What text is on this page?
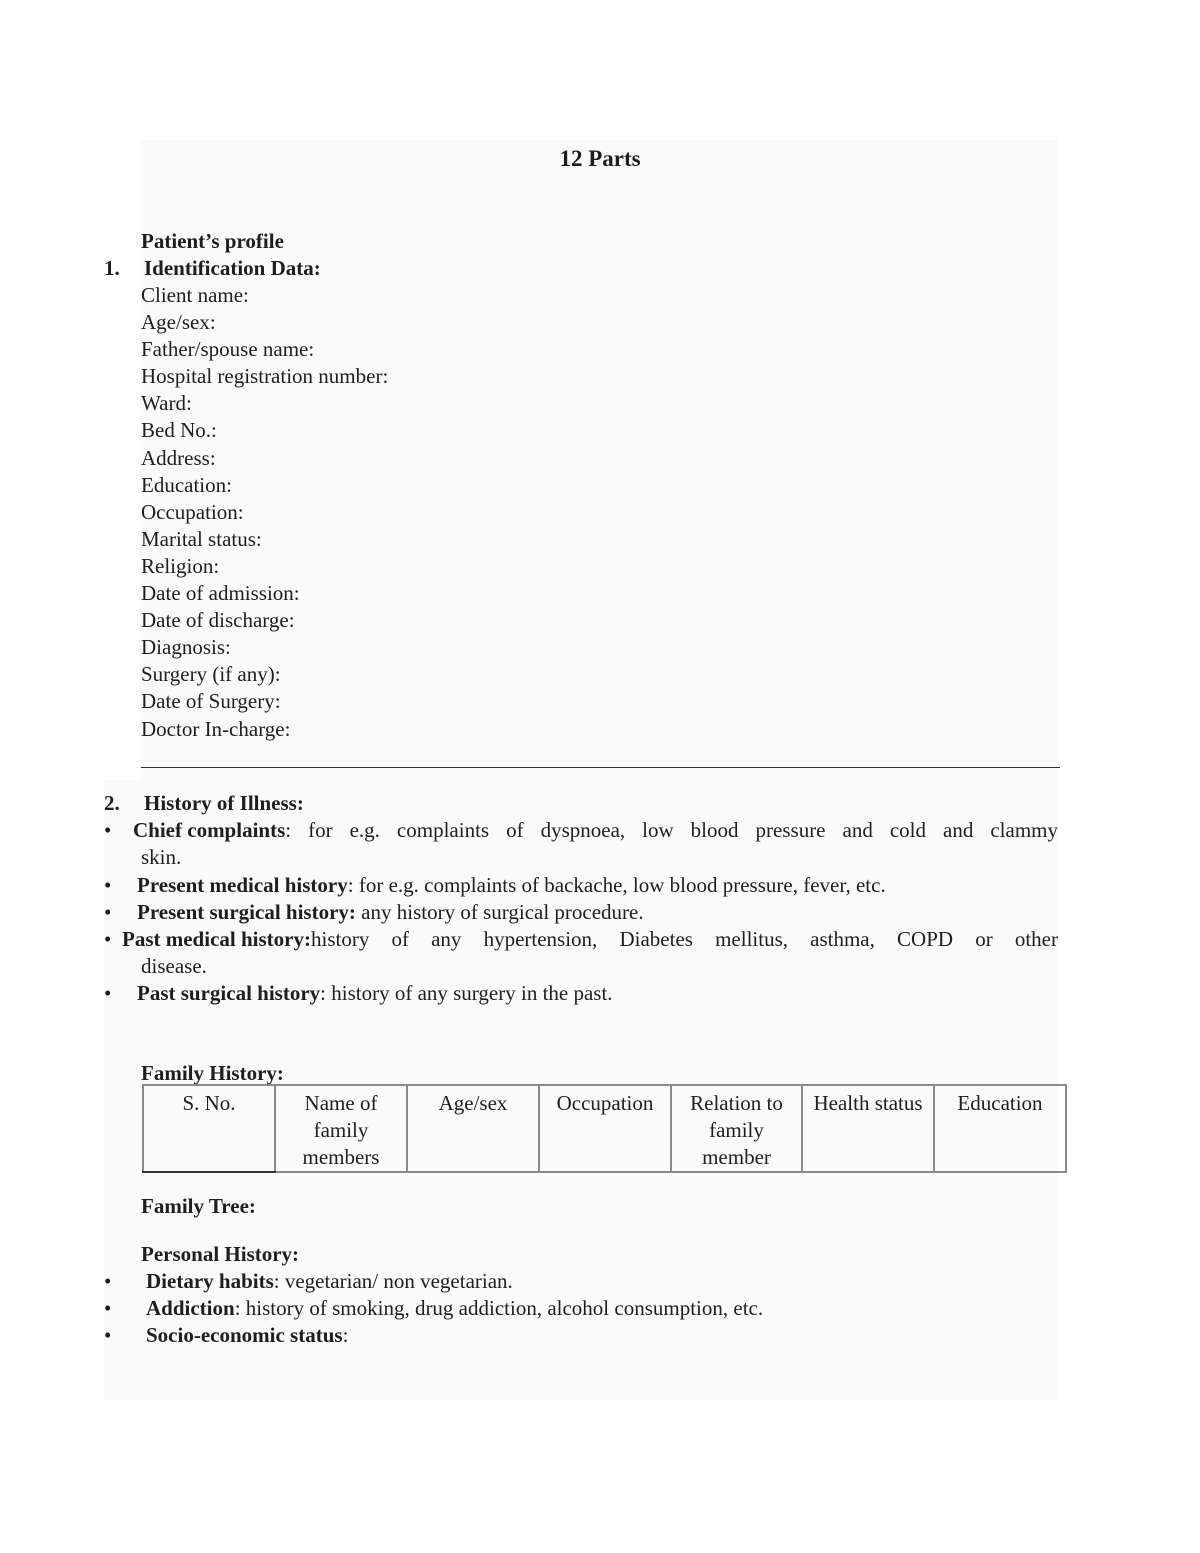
12 Parts
Patient’s profile
1. Identification Data:
Client name:
Age/sex:
Father/spouse name:
Hospital registration number:
Ward:
Bed No.:
Address:
Education:
Occupation:
Marital status:
Religion:
Date of admission:
Date of discharge:
Diagnosis:
Surgery (if any):
Date of Surgery:
Doctor In-charge:
2. History of Illness:
• Chief complaints : for e.g. complaints of dyspnoea, low blood pressure and cold and clammy
skin.
• Present medical history: for e.g. complaints of backache, low blood pressure, fever, etc.
• Present surgical history: any history of surgical procedure.
• Past medical history: history of any hypertension, Diabetes mellitus, asthma, COPD or other
disease.
• Past surgical history: history of any surgery in the past.
Family History:
S. No.	Name of family members	Age/sex	Occupation	Relation to family member	Health status	Education
Family Tree:
Personal History:
• Dietary habits: vegetarian/ non vegetarian.
• Addiction: history of smoking, drug addiction, alcohol consumption, etc.
• Socio-economic status:
